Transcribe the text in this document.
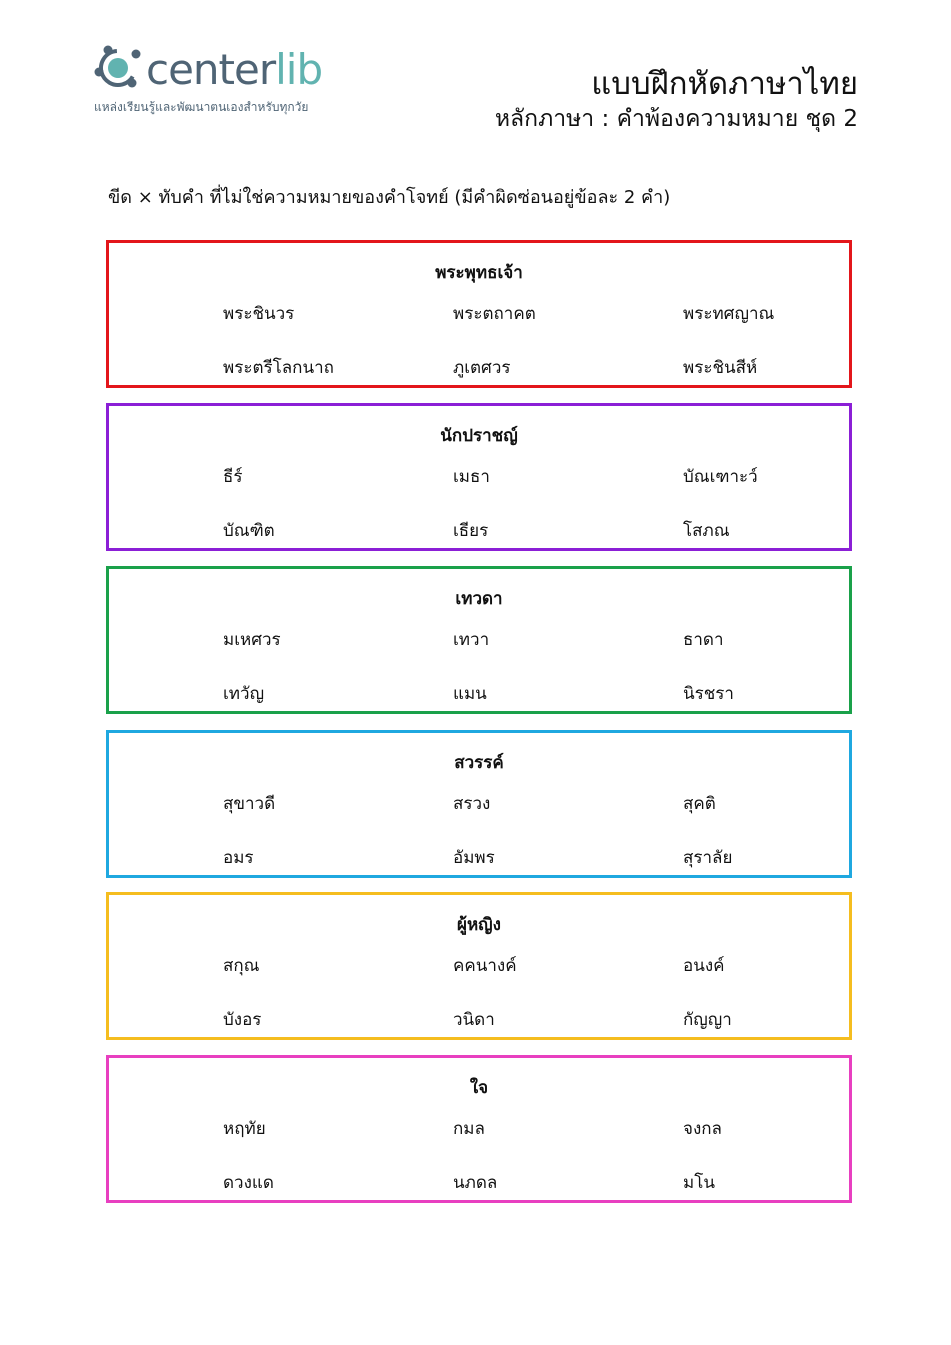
centerlib
แหล่งเรียนรู้และพัฒนาตนเองสำหรับทุกวัย
แบบฝึกหัดภาษาไทย
หลักภาษา : คำพ้องความหมาย ชุด 2
ขีด × ทับคำ ที่ไม่ใช่ความหมายของคำโจทย์ (มีคำผิดซ่อนอยู่ข้อละ 2 คำ)
พระพุทธเจ้า
พระชินวร	พระตถาคต	พระทศญาณ
พระตรีโลกนาถ	ภูเตศวร	พระชินสีห์
นักปราชญ์
ธีร์	เมธา	บัณเฑาะว์
บัณฑิต	เธียร	โสภณ
เทวดา
มเหศวร	เทวา	ธาดา
เทวัญ	แมน	นิรชรา
สวรรค์
สุขาวดี	สรวง	สุคติ
อมร	อัมพร	สุราลัย
ผู้หญิง
สกุณ	คคนางค์	อนงค์
บังอร	วนิดา	กัญญา
ใจ
หฤทัย	กมล	จงกล
ดวงแด	นภดล	มโน
